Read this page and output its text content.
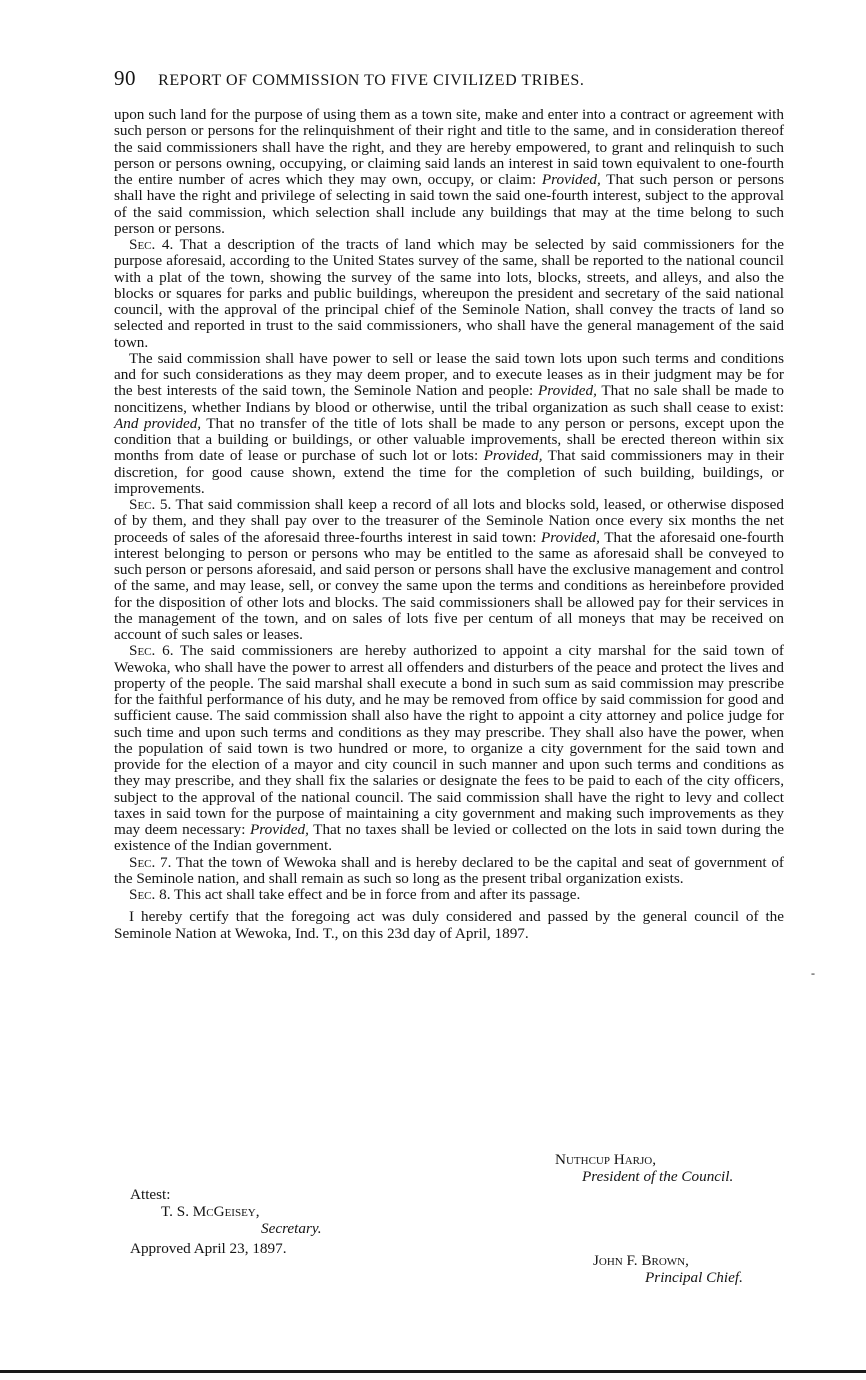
90 REPORT OF COMMISSION TO FIVE CIVILIZED TRIBES.

upon such land for the purpose of using them as a town site, make and enter into a contract or agreement with such person or persons for the relinquishment of their right and title to the same, and in consideration thereof the said commissioners shall have the right, and they are hereby empowered, to grant and relinquish to such person or persons owning, occupying, or claiming said lands an interest in said town equivalent to one-fourth the entire number of acres which they may own, occupy, or claim: Provided, That such person or persons shall have the right and privilege of selecting in said town the said one-fourth interest, subject to the approval of the said commission, which selection shall include any buildings that may at the time belong to such person or persons.

Sec. 4. That a description of the tracts of land which may be selected by said commissioners for the purpose aforesaid, according to the United States survey of the same, shall be reported to the national council with a plat of the town, showing the survey of the same into lots, blocks, streets, and alleys, and also the blocks or squares for parks and public buildings, whereupon the president and secretary of the said national council, with the approval of the principal chief of the Seminole Nation, shall convey the tracts of land so selected and reported in trust to the said commissioners, who shall have the general management of the said town.

The said commission shall have power to sell or lease the said town lots upon such terms and conditions and for such considerations as they may deem proper, and to execute leases as in their judgment may be for the best interests of the said town, the Seminole Nation and people: Provided, That no sale shall be made to noncitizens, whether Indians by blood or otherwise, until the tribal organization as such shall cease to exist: And provided, That no transfer of the title of lots shall be made to any person or persons, except upon the condition that a building or buildings, or other valuable improvements, shall be erected thereon within six months from date of lease or purchase of such lot or lots: Provided, That said commissioners may in their discretion, for good cause shown, extend the time for the completion of such building, buildings, or improvements.

Sec. 5. That said commission shall keep a record of all lots and blocks sold, leased, or otherwise disposed of by them, and they shall pay over to the treasurer of the Seminole Nation once every six months the net proceeds of sales of the aforesaid three-fourths interest in said town: Provided, That the aforesaid one-fourth interest belonging to person or persons who may be entitled to the same as aforesaid shall be conveyed to such person or persons aforesaid, and said person or persons shall have the exclusive management and control of the same, and may lease, sell, or convey the same upon the terms and conditions as hereinbefore provided for the disposition of other lots and blocks. The said commissioners shall be allowed pay for their services in the management of the town, and on sales of lots five per centum of all moneys that may be received on account of such sales or leases.

Sec. 6. The said commissioners are hereby authorized to appoint a city marshal for the said town of Wewoka, who shall have the power to arrest all offenders and disturbers of the peace and protect the lives and property of the people. The said marshal shall execute a bond in such sum as said commission may prescribe for the faithful performance of his duty, and he may be removed from office by said commission for good and sufficient cause. The said commission shall also have the right to appoint a city attorney and police judge for such time and upon such terms and conditions as they may prescribe. They shall also have the power, when the population of said town is two hundred or more, to organize a city government for the said town and provide for the election of a mayor and city council in such manner and upon such terms and conditions as they may prescribe, and they shall fix the salaries or designate the fees to be paid to each of the city officers, subject to the approval of the national council. The said commission shall have the right to levy and collect taxes in said town for the purpose of maintaining a city government and making such improvements as they may deem necessary: Provided, That no taxes shall be levied or collected on the lots in said town during the existence of the Indian government.

Sec. 7. That the town of Wewoka shall and is hereby declared to be the capital and seat of government of the Seminole nation, and shall remain as such so long as the present tribal organization exists.

Sec. 8. This act shall take effect and be in force from and after its passage.

I hereby certify that the foregoing act was duly considered and passed by the general council of the Seminole Nation at Wewoka, Ind. T., on this 23d day of April, 1897.

Nuthcup Harjo,
President of the Council.
Attest:
T. S. McGeisey,
Secretary.
Approved April 23, 1897.
John F. Brown,
Principal Chief.
-
